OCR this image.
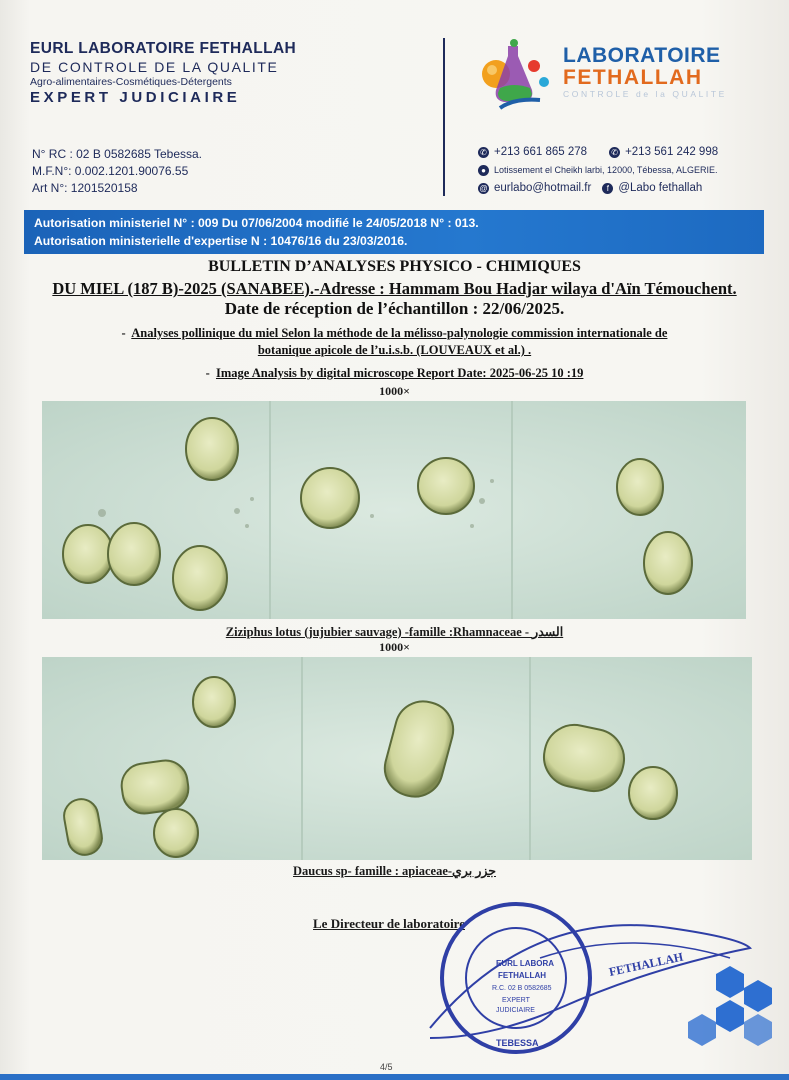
EURL LABORATOIRE FETHALLAH
DE CONTROLE DE LA QUALITE
Agro-alimentaires-Cosmétiques-Détergents
EXPERT JUDICIAIRE
N° RC : 02 B 0582685 Tebessa.
M.F.N°: 0.002.1201.90076.55
Art N°: 1201520158
LABORATOIRE
FETHALLAH
CONTROLE de la QUALITE
✆ +213 661 865 278	✆ +213 561 242 998
● Lotissement el Cheikh larbi, 12000, Tébessa, ALGERIE.
@ eurlabo@hotmail.fr	f @Labo fethallah
Autorisation ministeriel N° : 009 Du 07/06/2004 modifié le 24/05/2018 N° : 013.
Autorisation ministerielle d'expertise N : 10476/16 du 23/03/2016.
BULLETIN D’ANALYSES PHYSICO - CHIMIQUES
DU MIEL (187 B)-2025 (SANABEE).-Adresse : Hammam Bou Hadjar wilaya d'Aïn Témouchent.
Date de réception de l’échantillon : 22/06/2025.
-  Analyses pollinique du miel Selon la méthode de la mélisso-palynologie commission internationale de
botanique apicole de l’u.i.s.b. (LOUVEAUX et al.) .
-  Image Analysis by digital microscope Report Date: 2025-06-25 10 :19
1000×
Ziziphus lotus (jujubier sauvage) -famille :Rhamnaceae - السدر
1000×
Daucus sp- famille : apiaceae-جزر بري
Le Directeur de laboratoire
EURL LABORA
FETHALLAH
R.C. 02 B 0582685
EXPERT
JUDICIAIRE
TEBESSA
FETHALLAH
4/5
